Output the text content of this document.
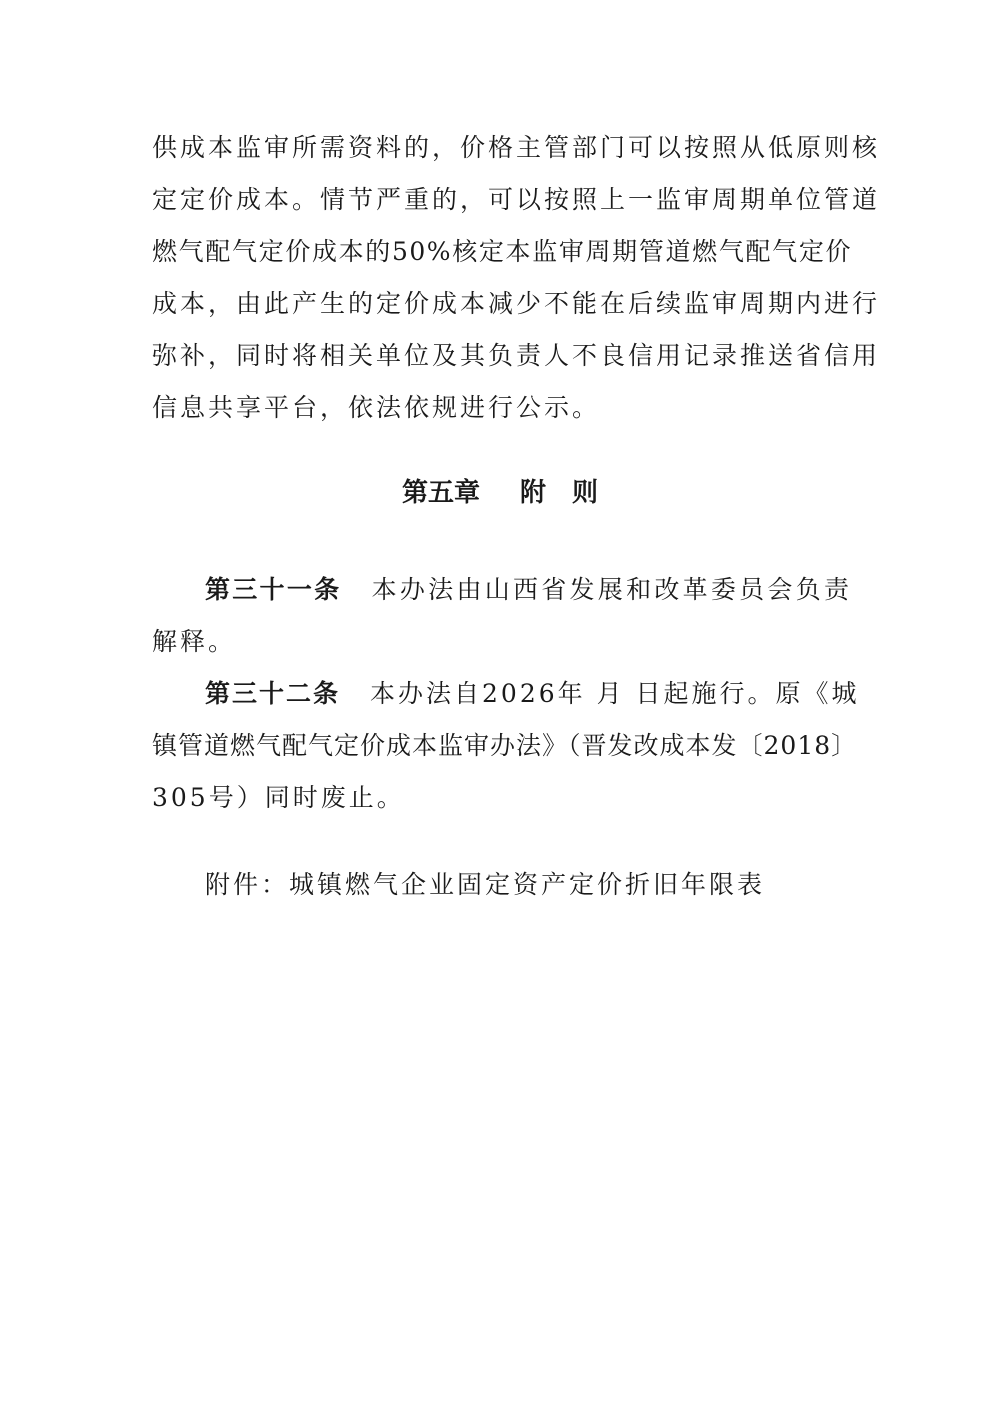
供成本监审所需资料的，价格主管部门可以按照从低原则核
定定价成本。情节严重的，可以按照上一监审周期单位管道
燃气配气定价成本的50%核定本监审周期管道燃气配气定价
成本，由此产生的定价成本减少不能在后续监审周期内进行
弥补，同时将相关单位及其负责人不良信用记录推送省信用
信息共享平台，依法依规进行公示。
第五章 附 则
第三十一条 本办法由山西省发展和改革委员会负责
解释。
第三十二条 本办法自2026年 月 日起施行。原《城
镇管道燃气配气定价成本监审办法》（晋发改成本发〔2018〕
305号）同时废止。
附件：城镇燃气企业固定资产定价折旧年限表
